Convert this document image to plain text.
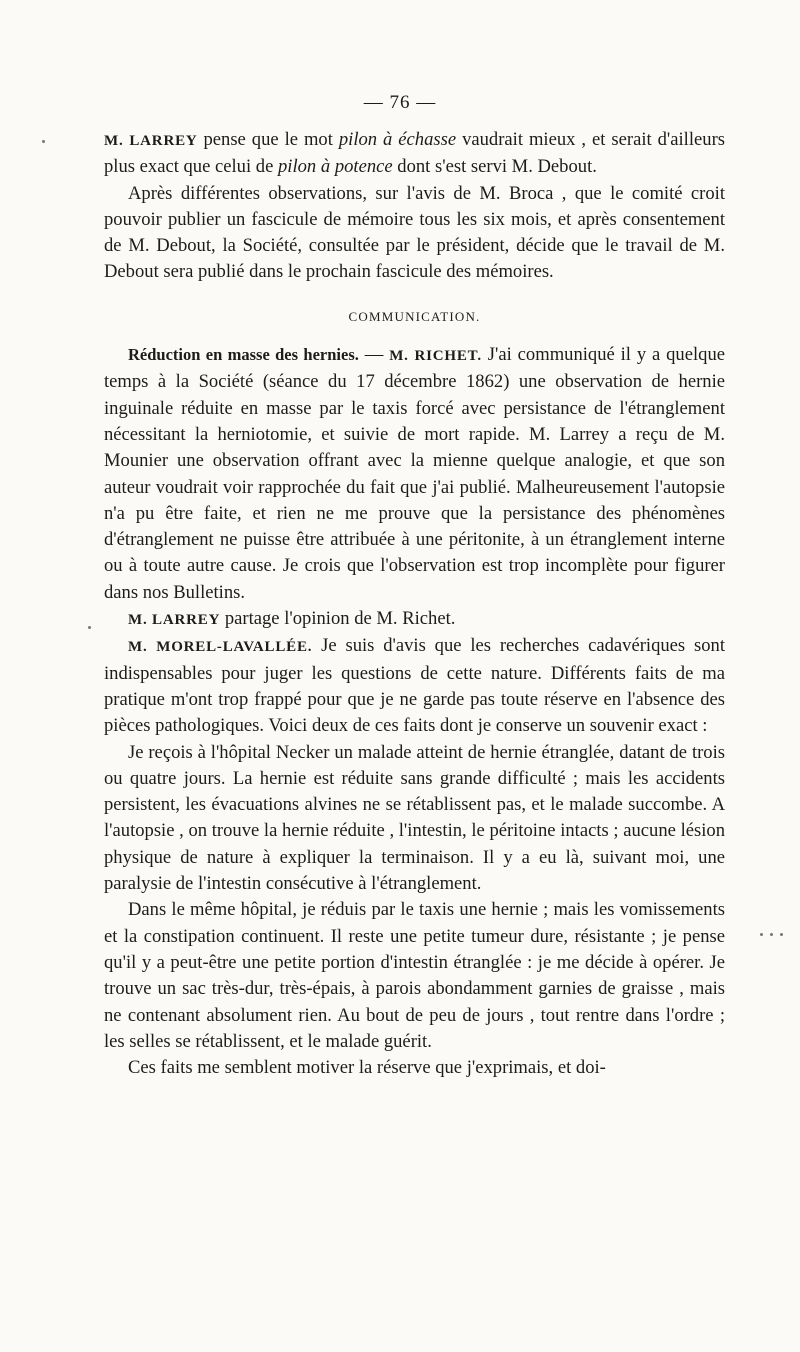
— 76 —

M. LARREY pense que le mot pilon à échasse vaudrait mieux , et serait d'ailleurs plus exact que celui de pilon à potence dont s'est servi M. Debout.

Après différentes observations, sur l'avis de M. Broca , que le comité croit pouvoir publier un fascicule de mémoire tous les six mois, et après consentement de M. Debout, la Société, consultée par le président, décide que le travail de M. Debout sera publié dans le prochain fascicule des mémoires.

COMMUNICATION.

Réduction en masse des hernies. — M. RICHET. J'ai communiqué il y a quelque temps à la Société (séance du 17 décembre 1862) une observation de hernie inguinale réduite en masse par le taxis forcé avec persistance de l'étranglement nécessitant la herniotomie, et suivie de mort rapide. M. Larrey a reçu de M. Mounier une observation offrant avec la mienne quelque analogie, et que son auteur voudrait voir rapprochée du fait que j'ai publié. Malheureusement l'autopsie n'a pu être faite, et rien ne me prouve que la persistance des phénomènes d'étranglement ne puisse être attribuée à une péritonite, à un étranglement interne ou à toute autre cause. Je crois que l'observation est trop incomplète pour figurer dans nos Bulletins.

M. LARREY partage l'opinion de M. Richet.

M. MOREL-LAVALLÉE. Je suis d'avis que les recherches cadavériques sont indispensables pour juger les questions de cette nature. Différents faits de ma pratique m'ont trop frappé pour que je ne garde pas toute réserve en l'absence des pièces pathologiques. Voici deux de ces faits dont je conserve un souvenir exact :

Je reçois à l'hôpital Necker un malade atteint de hernie étranglée, datant de trois ou quatre jours. La hernie est réduite sans grande difficulté ; mais les accidents persistent, les évacuations alvines ne se rétablissent pas, et le malade succombe. A l'autopsie , on trouve la hernie réduite , l'intestin, le péritoine intacts ; aucune lésion physique de nature à expliquer la terminaison. Il y a eu là, suivant moi, une paralysie de l'intestin consécutive à l'étranglement.

Dans le même hôpital, je réduis par le taxis une hernie ; mais les vomissements et la constipation continuent. Il reste une petite tumeur dure, résistante ; je pense qu'il y a peut-être une petite portion d'intestin étranglée : je me décide à opérer. Je trouve un sac très-dur, très-épais, à parois abondamment garnies de graisse , mais ne contenant absolument rien. Au bout de peu de jours , tout rentre dans l'ordre ; les selles se rétablissent, et le malade guérit.

Ces faits me semblent motiver la réserve que j'exprimais, et doi-
